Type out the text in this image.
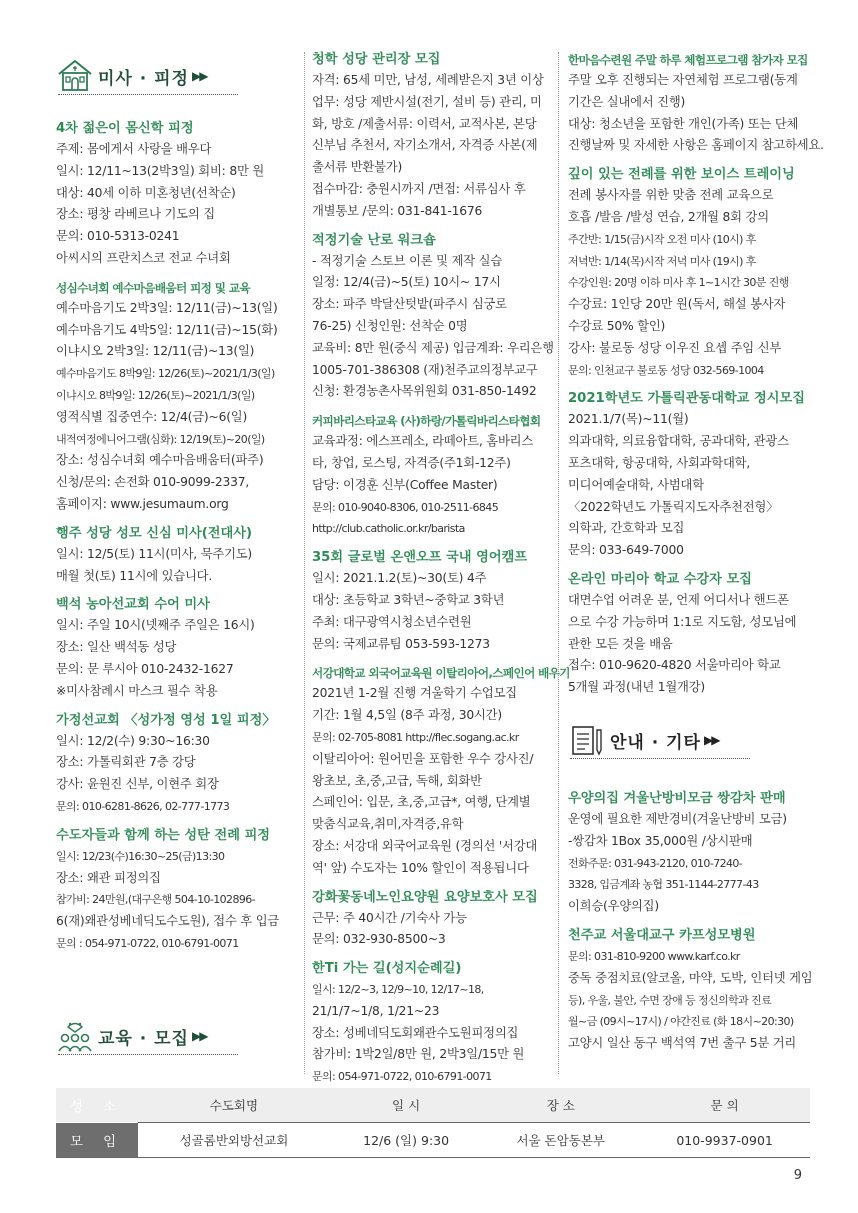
미사 · 피정 ▶▶
4차 젊은이 몸신학 피정
주제: 몸에게서 사랑을 배우다
일시: 12/11~13(2박3일) 회비: 8만 원
대상: 40세 이하 미혼청년(선착순)
장소: 평창 라베르나 기도의 집
문의: 010-5313-0241
아씨시의 프란치스코 전교 수녀회
성심수녀회 예수마음배움터 피정 및 교육
예수마음기도 2박3일: 12/11(금)~13(일)
예수마음기도 4박5일: 12/11(금)~15(화)
이냐시오 2박3일: 12/11(금)~13(일)
예수마음기도 8박9일: 12/26(토)~2021/1/3(일)
이냐시오 8박9일: 12/26(토)~2021/1/3(일)
영적식별 집중연수: 12/4(금)~6(일)
내적여정에니어그램(심화): 12/19(토)~20(일)
장소: 성심수녀회 예수마음배움터(파주)
신청/문의: 손전화 010-9099-2337,
홈페이지: www.jesumaum.org
행주 성당 성모 신심 미사(전대사)
일시: 12/5(토) 11시(미사, 묵주기도)
매월 첫(토) 11시에 있습니다.
백석 농아선교회 수어 미사
일시: 주일 10시(넷째주 주일은 16시)
장소: 일산 백석동 성당
문의: 문 루시아 010-2432-1627
※미사참례시 마스크 필수 착용
가정선교회 〈성가정 영성 1일 피정〉
일시: 12/2(수) 9:30~16:30
장소: 가톨릭회관 7층 강당
강사: 윤원진 신부, 이현주 회장
문의: 010-6281-8626, 02-777-1773
수도자들과 함께 하는 성탄 전례 피정
일시: 12/23(수)16:30~25(금)13:30
장소: 왜관 피정의집
참가비: 24만원,(대구은행 504-10-102896-
6(재)왜관성베네딕도수도원), 접수 후 입금
문의 : 054-971-0722, 010-6791-0071
교육 · 모집 ▶▶
청학 성당 관리장 모집
자격: 65세 미만, 남성, 세례받은지 3년 이상
업무: 성당 제반시설(전기, 설비 등) 관리, 미
화, 방호 /제출서류: 이력서, 교적사본, 본당
신부님 추천서, 자기소개서, 자격증 사본(제
출서류 반환불가)
접수마감: 충원시까지 /면접: 서류심사 후
개별통보 /문의: 031-841-1676
적정기술 난로 워크숍
- 적정기술 스토브 이론 및 제작 실습
일정: 12/4(금)~5(토) 10시~ 17시
장소: 파주 박달산텃밭(파주시 심궁로
76-25) 신청인원: 선착순 0명
교육비: 8만 원(중식 제공) 입금계좌: 우리은행
1005-701-386308 (재)천주교의정부교구
신청: 환경농촌사목위원회 031-850-1492
커피바리스타교육 (사)하랑/가톨릭바리스타협회
교육과정: 에스프레소, 라떼아트, 홈바리스
타, 창업, 로스팅, 자격증(주1회-12주)
담당: 이경훈 신부(Coffee Master)
문의: 010-9040-8306, 010-2511-6845
http://club.catholic.or.kr/barista
35회 글로벌 온앤오프 국내 영어캠프
일시: 2021.1.2(토)~30(토) 4주
대상: 초등학교 3학년~중학교 3학년
주최: 대구광역시청소년수련원
문의: 국제교류팀 053-593-1273
서강대학교 외국어교육원 이탈리아어,스페인어 배우기
2021년 1-2월 진행 겨울학기 수업모집
기간: 1월 4,5일 (8주 과정, 30시간)
문의: 02-705-8081 http://flec.sogang.ac.kr
이탈리아어: 원어민을 포함한 우수 강사진/
왕초보, 초,중,고급, 독해, 회화반
스페인어: 입문, 초,중,고급*, 여행, 단계별
맞춤식교육,취미,자격증,유학
장소: 서강대 외국어교육원 (경의선 '서강대
역' 앞) 수도자는 10% 할인이 적용됩니다
강화꽃동네노인요양원 요양보호사 모집
근무: 주 40시간 /기숙사 가능
문의: 032-930-8500~3
한Ti 가는 길(성지순례길)
일시: 12/2~3, 12/9~10, 12/17~18,
21/1/7~1/8, 1/21~23
장소: 성베네딕도회왜관수도원피정의집
참가비: 1박2일/8만 원, 2박3일/15만 원
문의: 054-971-0722, 010-6791-0071
한마음수련원 주말 하루 체험프로그램 참가자 모집
주말 오후 진행되는 자연체험 프로그램(동계
기간은 실내에서 진행)
대상: 청소년을 포함한 개인(가족) 또는 단체
진행날짜 및 자세한 사항은 홈페이지 참고하세요.
깊이 있는 전례를 위한 보이스 트레이닝
전례 봉사자를 위한 맞춤 전례 교육으로
호흡 /발음 /발성 연습, 2개월 8회 강의
주간반: 1/15(금)시작 오전 미사 (10시) 후
저녁반: 1/14(목)시작 저녁 미사 (19시) 후
수강인원: 20명 이하 미사 후 1~1시간 30분 진행
수강료: 1인당 20만 원(독서, 해설 봉사자
수강료 50% 할인)
강사: 불로동 성당 이우진 요셉 주임 신부
문의: 인천교구 불로동 성당 032-569-1004
2021학년도 가톨릭관동대학교 정시모집
2021.1/7(목)~11(월)
의과대학, 의료융합대학, 공과대학, 관광스
포츠대학, 항공대학, 사회과학대학,
미디어예술대학, 사범대학
〈2022학년도 가톨릭지도자추천전형〉
의학과, 간호학과 모집
문의: 033-649-7000
온라인 마리아 학교 수강자 모집
대면수업 어려운 분, 언제 어디서나 핸드폰
으로 수강 가능하며 1:1로 지도함, 성모님에
관한 모든 것을 배움
접수: 010-9620-4820 서울마리아 학교
5개월 과정(내년 1월개강)
안내 · 기타 ▶▶
우양의집 겨울난방비모금 쌍감차 판매
운영에 필요한 제반경비(겨울난방비 모금)
-쌍감차 1Box 35,000원 /상시판매
전화주문: 031-943-2120, 010-7240-
3328, 입금계좌 농협 351-1144-2777-43
이희승(우양의집)
천주교 서울대교구 카프성모병원
문의: 031-810-9200 www.karf.co.kr
중독 중점치료(알코올, 마약, 도박, 인터넷 게임
등), 우울, 불안, 수면 장애 등 정신의학과 진료
월~금 (09시~17시) / 야간진료 (화 18시~20:30)
고양시 일산 동구 백석역 7번 출구 5분 거리
성 소	수도회명	일 시	장 소	문 의
모 임	성골롬반외방선교회	12/6 (일) 9:30	서울 돈암동본부	010-9937-0901
9
